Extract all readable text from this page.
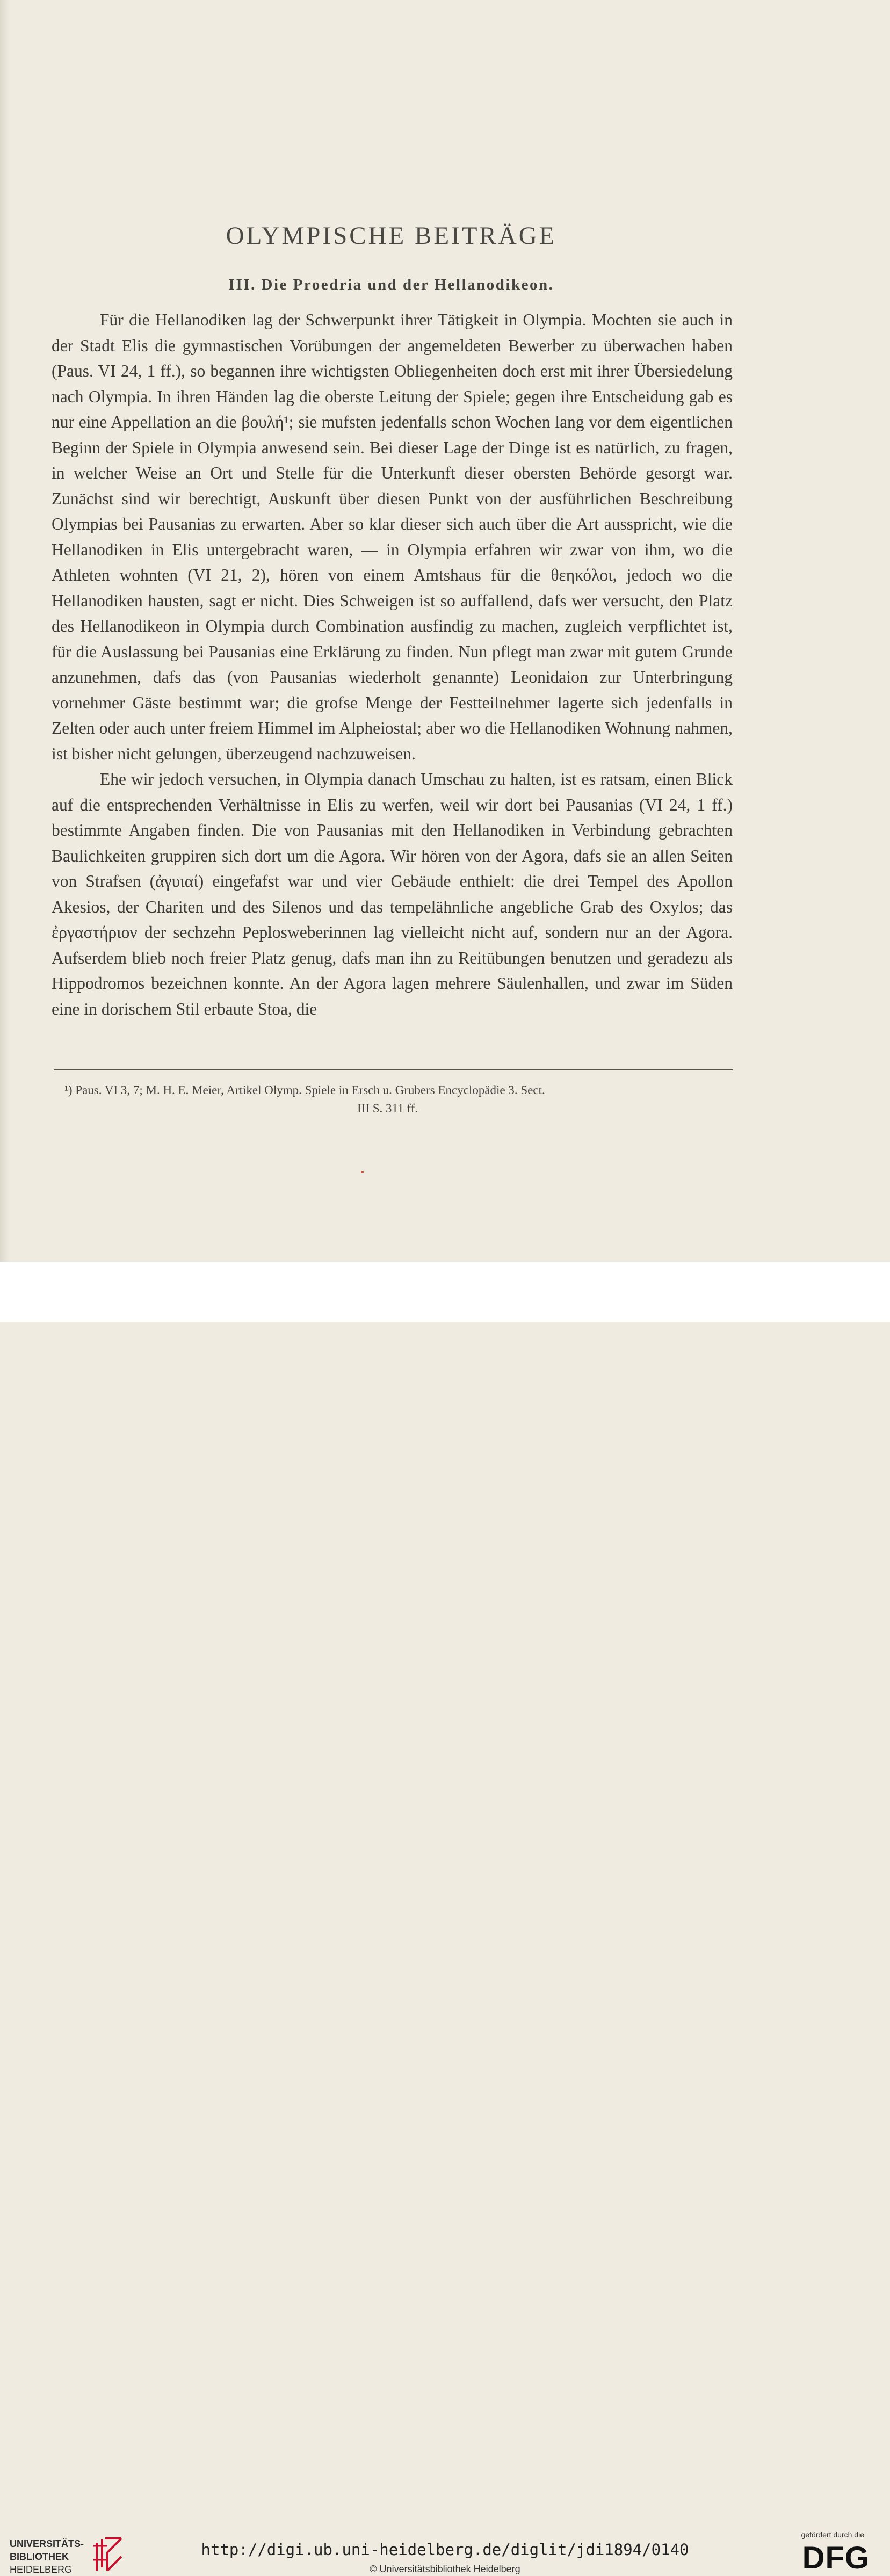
OLYMPISCHE BEITRÄGE
III. Die Proedria und der Hellanodikeon.

Für die Hellanodiken lag der Schwerpunkt ihrer Tätigkeit in Olympia. Mochten sie auch in der Stadt Elis die gymnastischen Vorübungen der angemeldeten Bewerber zu überwachen haben (Paus. VI 24, 1 ff.), so begannen ihre wichtigsten Obliegenheiten doch erst mit ihrer Übersiedelung nach Olympia. In ihren Händen lag die oberste Leitung der Spiele; gegen ihre Entscheidung gab es nur eine Appellation an die βουλή¹; sie mufsten jedenfalls schon Wochen lang vor dem eigentlichen Beginn der Spiele in Olympia anwesend sein. Bei dieser Lage der Dinge ist es natürlich, zu fragen, in welcher Weise an Ort und Stelle für die Unterkunft dieser obersten Behörde gesorgt war. Zunächst sind wir berechtigt, Auskunft über diesen Punkt von der ausführlichen Beschreibung Olympias bei Pausanias zu erwarten. Aber so klar dieser sich auch über die Art ausspricht, wie die Hellanodiken in Elis untergebracht waren, — in Olympia erfahren wir zwar von ihm, wo die Athleten wohnten (VI 21, 2), hören von einem Amtshaus für die θεηκόλοι, jedoch wo die Hellanodiken hausten, sagt er nicht. Dies Schweigen ist so auffallend, dafs wer versucht, den Platz des Hellanodikeon in Olympia durch Combination ausfindig zu machen, zugleich verpflichtet ist, für die Auslassung bei Pausanias eine Erklärung zu finden. Nun pflegt man zwar mit gutem Grunde anzunehmen, dafs das (von Pausanias wiederholt genannte) Leonidaion zur Unterbringung vornehmer Gäste bestimmt war; die grofse Menge der Festteilnehmer lagerte sich jedenfalls in Zelten oder auch unter freiem Himmel im Alpheiostal; aber wo die Hellanodiken Wohnung nahmen, ist bisher nicht gelungen, überzeugend nachzuweisen.

Ehe wir jedoch versuchen, in Olympia danach Umschau zu halten, ist es ratsam, einen Blick auf die entsprechenden Verhältnisse in Elis zu werfen, weil wir dort bei Pausanias (VI 24, 1 ff.) bestimmte Angaben finden. Die von Pausanias mit den Hellanodiken in Verbindung gebrachten Baulichkeiten gruppiren sich dort um die Agora. Wir hören von der Agora, dafs sie an allen Seiten von Strafsen (ἀγυιαί) eingefafst war und vier Gebäude enthielt: die drei Tempel des Apollon Akesios, der Chariten und des Silenos und das tempelähnliche angebliche Grab des Oxylos; das ἐργαστήριον der sechzehn Peplosweberinnen lag vielleicht nicht auf, sondern nur an der Agora. Aufserdem blieb noch freier Platz genug, dafs man ihn zu Reitübungen benutzen und geradezu als Hippodromos bezeichnen konnte. An der Agora lagen mehrere Säulenhallen, und zwar im Süden eine in dorischem Stil erbaute Stoa, die

¹) Paus. VI 3, 7; M. H. E. Meier, Artikel Olymp. Spiele in Ersch u. Grubers Encyclopädie 3. Sect.
III S. 311 ff.
UNIVERSITÄTS-
BIBLIOTHEK
HEIDELBERG
http://digi.ub.uni-heidelberg.de/diglit/jdi1894/0140
© Universitätsbibliothek Heidelberg
gefördert durch die
DFG
